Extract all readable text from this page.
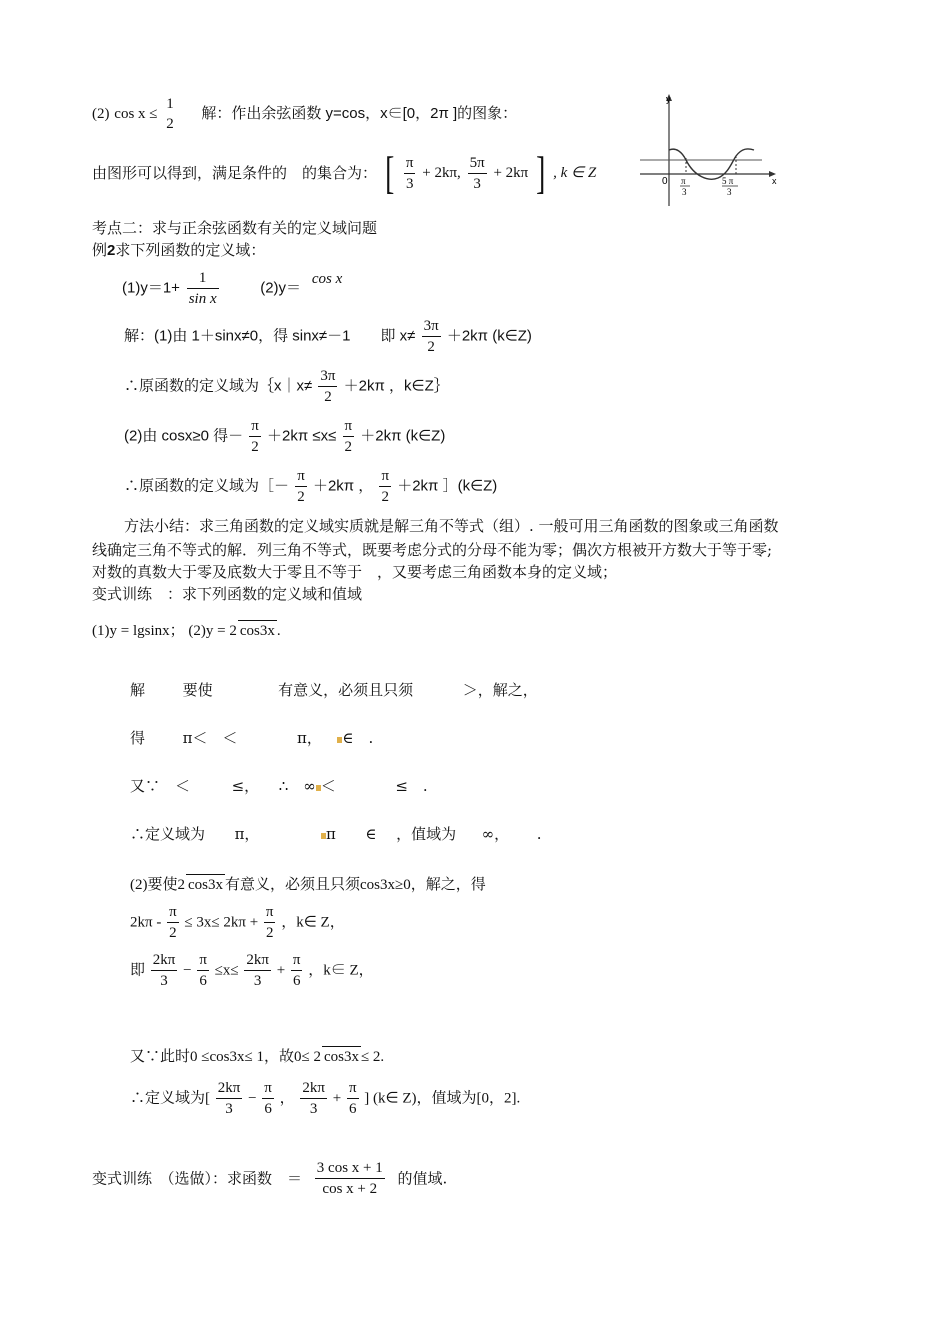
(2) cos x ≤
1
2
解：作出余弦函数 y=cos，x∈[0，2π ]的图象：
由图形可以得到，满足条件的　的集合为： [ $\frac{\pi}{3} + 2k\pi$, $\frac{5\pi}{3} + 2k\pi$ ] , k ∈ Z
y
x
0 π
3
5 π
3
考点二：求与正余弦函数有关的定义域问题
例2求下列函数的定义域：
$(1)y=1+ \frac{1}{\text{sin x}}$	(2)y＝ cos x
解：(1)由 1＋sinx≠0，得 sinx≠－1　　即 $x\ne \frac{3\pi}{2} +2k\pi$ (k∈Z)
∴原函数的定义域为｛x｜x≠ $\frac{3\pi}{2} +2k\pi$ ，k∈Z｝
(2)由 cosx≥0 得－ $\frac{\pi}{2} +2k\pi \le x\le \frac{\pi}{2} +2k\pi$ (k∈Z)
∴原函数的定义域为［－ $\frac{\pi}{2} +2k\pi$ ， $\frac{\pi}{2} +2k\pi$ ］(k∈Z)
方法小结：求三角函数的定义域实质就是解三角不等式（组）. 一般可用三角函数的图象或三角函数
线确定三角不等式的解．列三角不等式，既要考虑分式的分母不能为零；偶次方根被开方数大于等于零;
对数的真数大于零及底数大于零且不等于　，又要考虑三角函数本身的定义域；
变式训练　：求下列函数的定义域和值域
(1)y = lgsinx； (2)y = 2 cos3x .
解	要使	有意义，必须且只须	＞，解之，
得	π＜　＜	π， ∈　.
又∵　＜	≤， ∴　∞ ＜	≤　.
∴定义域为 π，	π ∈ ，值域为 ∞， .
(2)要使2 cos3x 有意义，必须且只须cos3x≥0，解之，得
$2k\pi - \frac{\pi}{2} \le 3x\le 2k\pi + \frac{\pi}{2}$ ，k∈ Z，
即 $\frac{2k\pi}{3} - \frac{\pi}{6} \le x\le \frac{2k\pi}{3} + \frac{\pi}{6}$ ，k∈ Z，
又∵此时0 ≤cos3x≤ 1，故0≤ 2 cos3x ≤ 2.
∴定义域为[ $\frac{2k\pi}{3} - \frac{\pi}{6}$ ， $\frac{2k\pi}{3} + \frac{\pi}{6}$ ] (k∈ Z)，值域为[0，2].
变式训练　（选做）：求函数　＝ $\frac{\text{3 cos x + 1}}{\text{cos x + 2}}$ 的值域.
